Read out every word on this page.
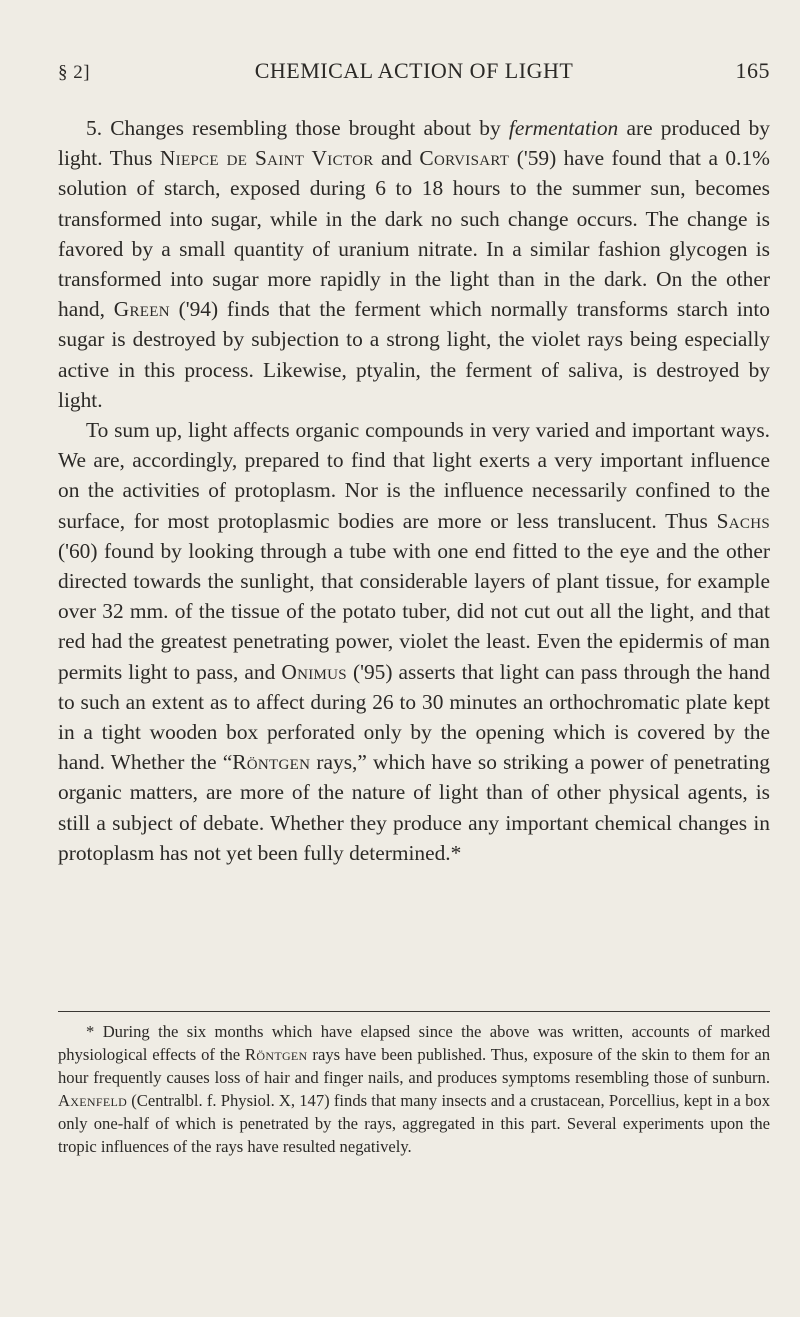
§ 2]	CHEMICAL ACTION OF LIGHT	165

5. Changes resembling those brought about by fermentation are produced by light. Thus Niepce de Saint Victor and Corvisart ('59) have found that a 0.1% solution of starch, exposed during 6 to 18 hours to the summer sun, becomes transformed into sugar, while in the dark no such change occurs. The change is favored by a small quantity of uranium nitrate. In a similar fashion glycogen is transformed into sugar more rapidly in the light than in the dark. On the other hand, Green ('94) finds that the ferment which normally transforms starch into sugar is destroyed by subjection to a strong light, the violet rays being especially active in this process. Likewise, ptyalin, the ferment of saliva, is destroyed by light.

To sum up, light affects organic compounds in very varied and important ways. We are, accordingly, prepared to find that light exerts a very important influence on the activities of protoplasm. Nor is the influence necessarily confined to the surface, for most protoplasmic bodies are more or less translucent. Thus Sachs ('60) found by looking through a tube with one end fitted to the eye and the other directed towards the sunlight, that considerable layers of plant tissue, for example over 32 mm. of the tissue of the potato tuber, did not cut out all the light, and that red had the greatest penetrating power, violet the least. Even the epidermis of man permits light to pass, and Onimus ('95) asserts that light can pass through the hand to such an extent as to affect during 26 to 30 minutes an orthochromatic plate kept in a tight wooden box perforated only by the opening which is covered by the hand. Whether the “Röntgen rays,” which have so striking a power of penetrating organic matters, are more of the nature of light than of other physical agents, is still a subject of debate. Whether they produce any important chemical changes in protoplasm has not yet been fully determined.*

* During the six months which have elapsed since the above was written, accounts of marked physiological effects of the Röntgen rays have been published. Thus, exposure of the skin to them for an hour frequently causes loss of hair and finger nails, and produces symptoms resembling those of sunburn. Axenfeld (Centralbl. f. Physiol. X, 147) finds that many insects and a crustacean, Porcellius, kept in a box only one-half of which is penetrated by the rays, aggregated in this part. Several experiments upon the tropic influences of the rays have resulted negatively.
